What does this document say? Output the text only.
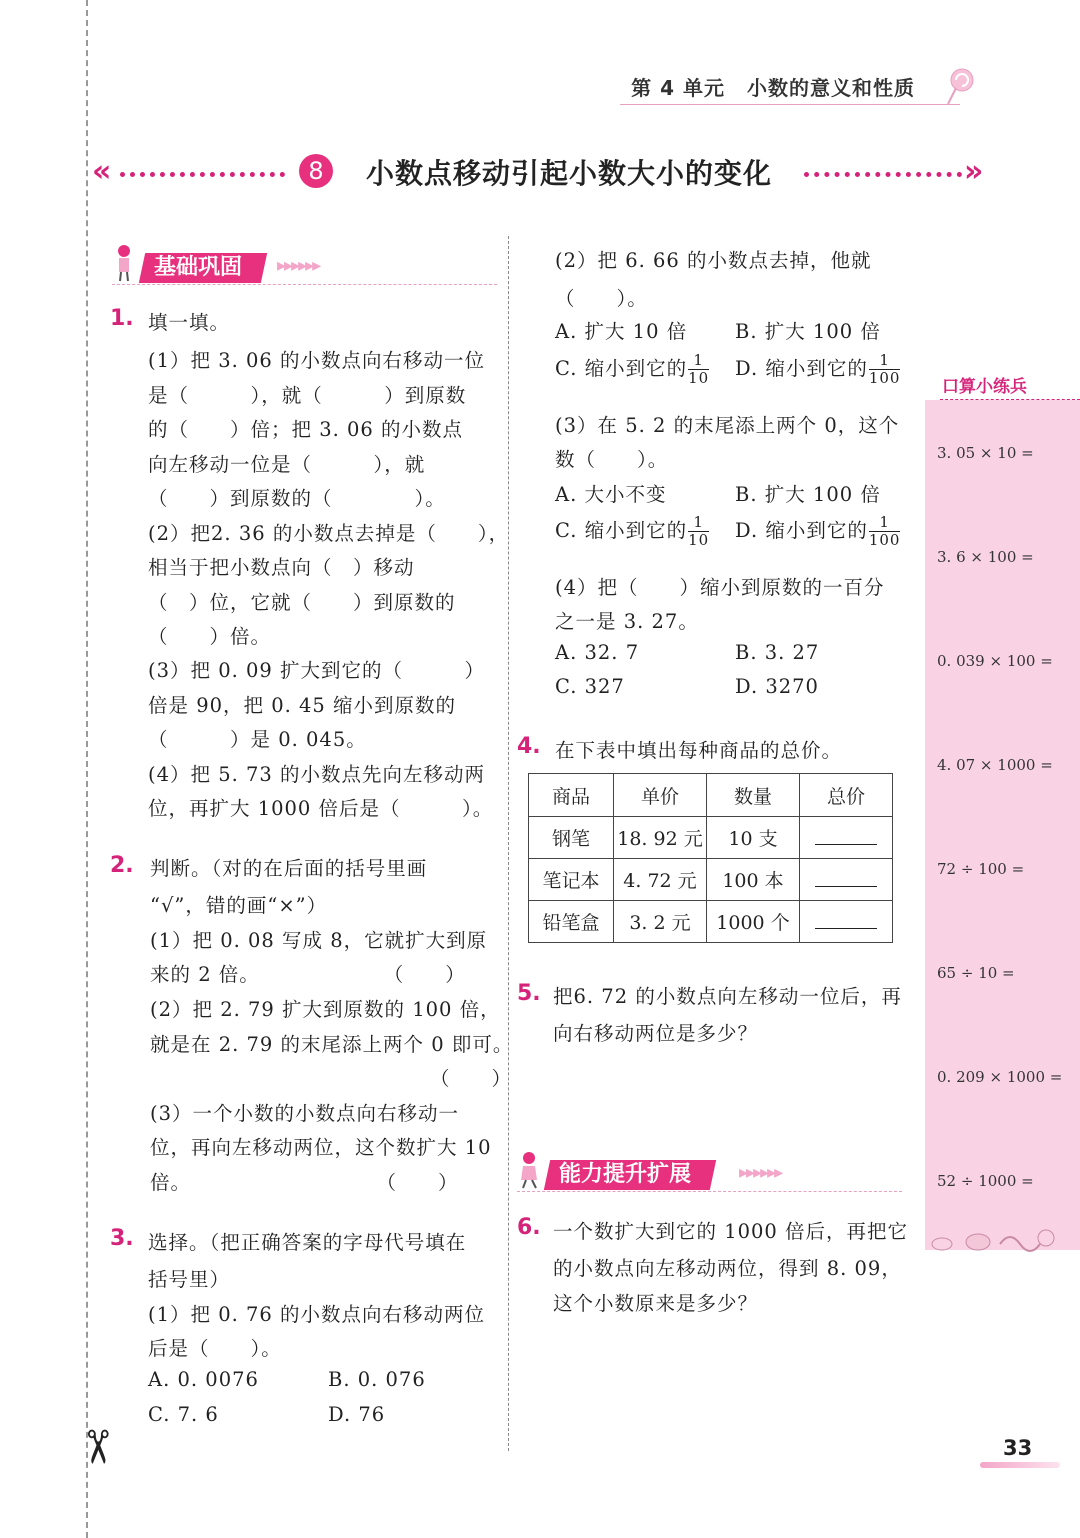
✂
第 4 单元 小数的意义和性质
«	8	小数点移动引起小数大小的变化	»
基础巩固	▸▸▸▸▸▸
1. 填一填。
(1）把 3. 06 的小数点向右移动一位
是（　　　），就（　　　）到原数
的（　　）倍；把 3. 06 的小数点
向左移动一位是（　　　），就
（　　）到原数的（　　　　）。
(2）把2. 36 的小数点去掉是（　　），
相当于把小数点向（　）移动
（　）位，它就（　　）到原数的
（　　）倍。
(3）把 0. 09 扩大到它的（　　　）
倍是 90，把 0. 45 缩小到原数的
（　　　）是 0. 045。
(4）把 5. 73 的小数点先向左移动两
位，再扩大 1000 倍后是（　　　）。
2. 判断。（对的在后面的括号里画
“√”，错的画“×”）
(1）把 0. 08 写成 8，它就扩大到原
来的 2 倍。　　　　　　　（　　）
(2）把 2. 79 扩大到原数的 100 倍，
就是在 2. 79 的末尾添上两个 0 即可。
（　　）
(3）一个小数的小数点向右移动一
位，再向左移动两位，这个数扩大 10
倍。　　　　　　　　　　（　　）
3. 选择。（把正确答案的字母代号填在
括号里）
(1）把 0. 76 的小数点向右移动两位
后是（　　）。
A. 0. 0076	B. 0. 076
C. 7. 6	D. 76
(2）把 6. 66 的小数点去掉，他就
（　　）。
A. 扩大 10 倍 B. 扩大 100 倍
C. 缩小到它的 $\frac{1}{10} D$. 缩小到它的 $\frac{1}{100}$
(3）在 5. 2 的末尾添上两个 0，这个
数（　　）。
A. 大小不变	B. 扩大 100 倍
C. 缩小到它的 $\frac{1}{10} D$. 缩小到它的 $\frac{1}{100}$
(4）把（　　）缩小到原数的一百分
之一是 3. 27。
A. 32. 7	B. 3. 27
C. 327	D. 3270
4. 在下表中填出每种商品的总价。
商品	单价	数量	总价
钢笔	18. 92 元	10 支	
笔记本	4. 72 元	100 本	
铅笔盒	3. 2 元	1000 个	
5. 把6. 72 的小数点向左移动一位后，再
向右移动两位是多少？
能力提升扩展	▸▸▸▸▸▸
6. 一个数扩大到它的 1000 倍后，再把它
的小数点向左移动两位，得到 8. 09，
这个小数原来是多少？
口算小练兵
3. 05 × 10 =
3. 6 × 100 =
0. 039 × 100 =
4. 07 × 1000 =
72 ÷ 100 =
65 ÷ 10 =
0. 209 × 1000 =
52 ÷ 1000 =
33
